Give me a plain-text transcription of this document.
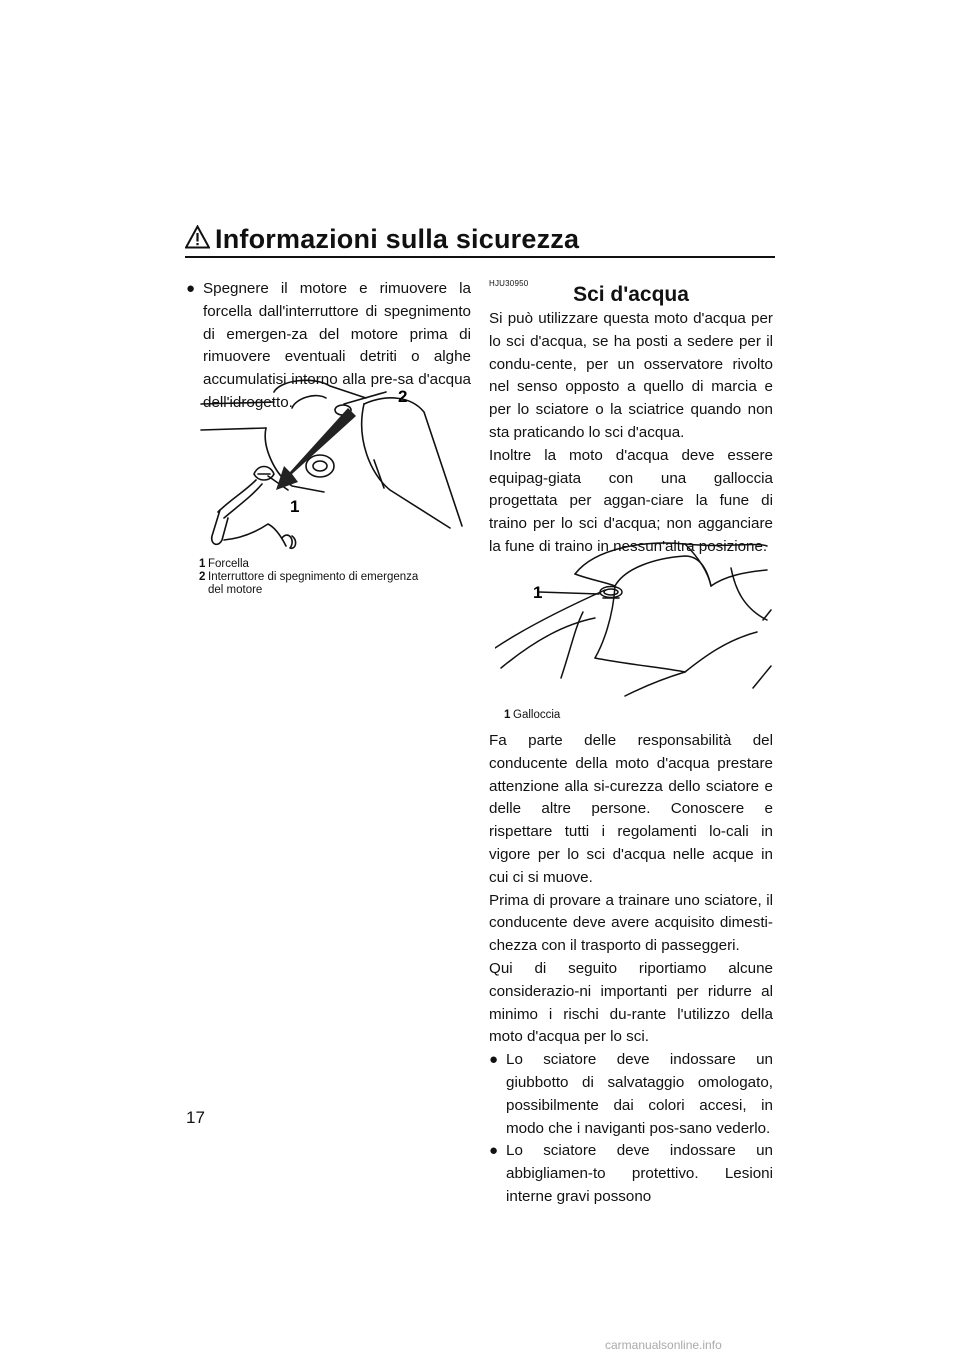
Informazioni sulla sicurezza
● Spegnere il motore e rimuovere la forcella dall'interruttore di spegnimento di emergen-za del motore prima di rimuovere eventuali detriti o alghe accumulatisi intorno alla pre-sa d'acqua dell'idrogetto.
1
2
1 Forcella
2 Interruttore di spegnimento di emergenza
del motore
HJU30950	Sci d'acqua
Si può utilizzare questa moto d'acqua per lo sci d'acqua, se ha posti a sedere per il condu-cente, per un osservatore rivolto nel senso opposto a quello di marcia e per lo sciatore o la sciatrice quando non sta praticando lo sci d'acqua.
Inoltre la moto d'acqua deve essere equipag-giata con una galloccia progettata per aggan-ciare la fune di traino per lo sci d'acqua; non agganciare la fune di traino in nessun'altra posizione.
1
1 Galloccia
Fa parte delle responsabilità del conducente della moto d'acqua prestare attenzione alla si-curezza dello sciatore e delle altre persone. Conoscere e rispettare tutti i regolamenti lo-cali in vigore per lo sci d'acqua nelle acque in cui ci si muove.
Prima di provare a trainare uno sciatore, il conducente deve avere acquisito dimesti-chezza con il trasporto di passeggeri.
Qui di seguito riportiamo alcune considerazio-ni importanti per ridurre al minimo i rischi du-rante l'utilizzo della moto d'acqua per lo sci.
● Lo sciatore deve indossare un giubbotto di salvataggio omologato, possibilmente dai colori accesi, in modo che i naviganti pos-sano vederlo.
● Lo sciatore deve indossare un abbigliamen-to protettivo. Lesioni interne gravi possono
17
carmanualsonline.info
